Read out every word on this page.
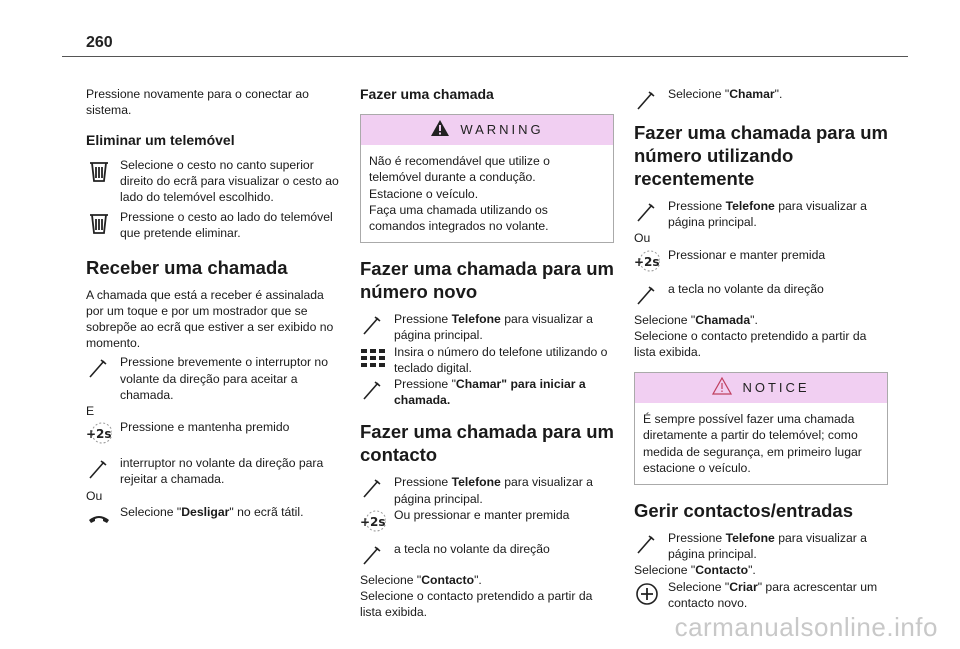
260

Pressione novamente para o conectar ao sistema.

Eliminar um telemóvel
Selecione o cesto no canto superior direito do ecrã para visualizar o cesto ao lado do telemóvel escolhido.
Pressione o cesto ao lado do telemóvel que pretende eliminar.
Receber uma chamada

A chamada que está a receber é assinalada por um toque e por um mostrador que se sobrepõe ao ecrã que estiver a ser exibido no momento.

Pressione brevemente o interruptor no volante da direção para aceitar a chamada.

E

+2s Pressione e mantenha premido
interruptor no volante da direção para rejeitar a chamada.

Ou

Selecione "Desligar" no ecrã tátil.
Fazer uma chamada
WARNING
Não é recomendável que utilize o telemóvel durante a condução.
Estacione o veículo.
Faça uma chamada utilizando os comandos integrados no volante.
Fazer uma chamada para um número novo
Pressione Telefone para visualizar a página principal.
Insira o número do telefone utilizando o teclado digital.
Pressione "Chamar" para iniciar a chamada.
Fazer uma chamada para um contacto
Pressione Telefone para visualizar a página principal.
+2s Ou pressionar e manter premida
a tecla no volante da direção

Selecione "Contacto".

Selecione o contacto pretendido a partir da lista exibida.

Selecione "Chamar".
Fazer uma chamada para um número utilizando recentemente
Pressione Telefone para visualizar a página principal.

Ou

+2s Pressionar e manter premida
a tecla no volante da direção

Selecione "Chamada".

Selecione o contacto pretendido a partir da lista exibida.

NOTICE
É sempre possível fazer uma chamada diretamente a partir do telemóvel; como medida de segurança, em primeiro lugar estacione o veículo.
Gerir contactos/entradas
Pressione Telefone para visualizar a página principal.

Selecione "Contacto".

Selecione "Criar" para acrescentar um contacto novo.
carmanualsonline.info
